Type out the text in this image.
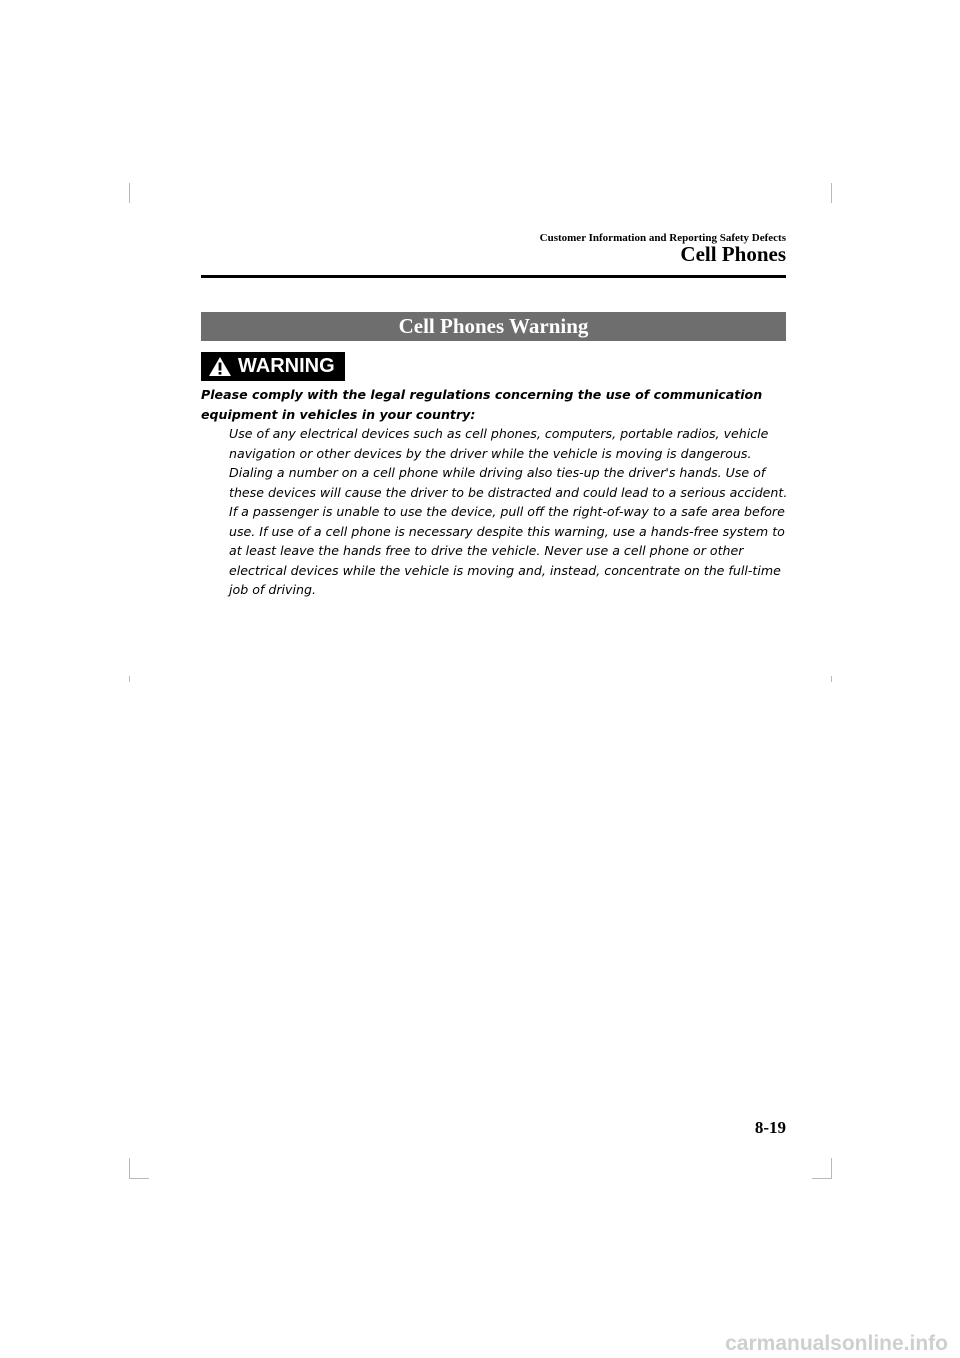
Customer Information and Reporting Safety Defects
Cell Phones
Cell Phones Warning
WARNING
Please comply with the legal regulations concerning the use of communication equipment in vehicles in your country:
Use of any electrical devices such as cell phones, computers, portable radios, vehicle navigation or other devices by the driver while the vehicle is moving is dangerous. Dialing a number on a cell phone while driving also ties-up the driver's hands. Use of these devices will cause the driver to be distracted and could lead to a serious accident. If a passenger is unable to use the device, pull off the right-of-way to a safe area before use. If use of a cell phone is necessary despite this warning, use a hands-free system to at least leave the hands free to drive the vehicle. Never use a cell phone or other electrical devices while the vehicle is moving and, instead, concentrate on the full-time job of driving.
8-19
carmanualsonline.info
